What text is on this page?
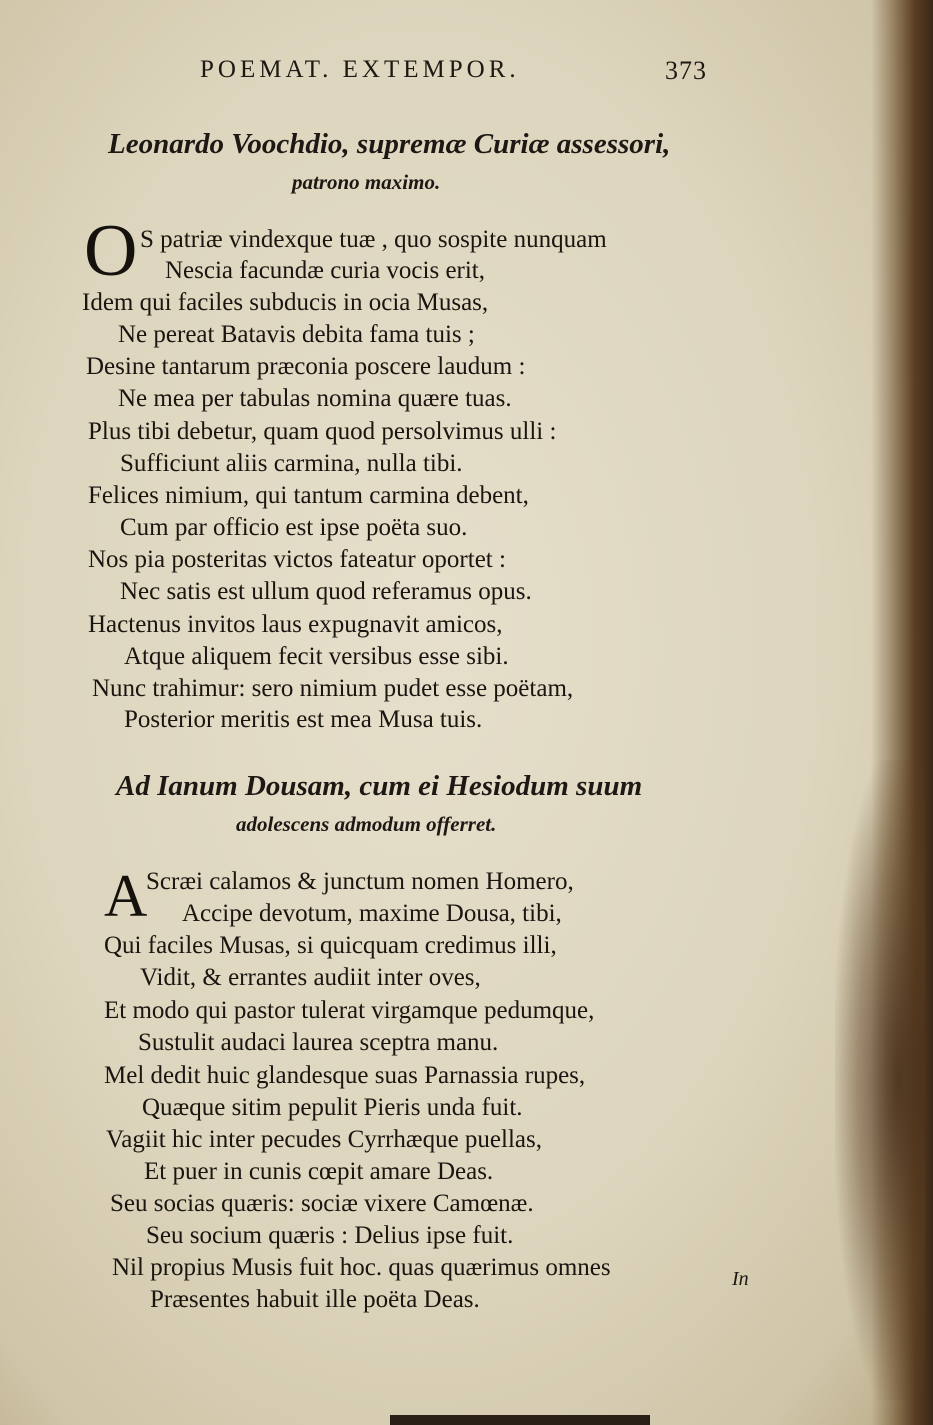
POEMAT. EXTEMPOR.	373
Leonardo Voochdio, supremæ Curiæ assessori,
patrono maximo.
O S patriæ vindexque tuæ , quo sospite nunquam
Nescia facundæ curia vocis erit,
Idem qui faciles subducis in ocia Musas,
Ne pereat Batavis debita fama tuis ;
Desine tantarum præconia poscere laudum :
Ne mea per tabulas nomina quære tuas.
Plus tibi debetur, quam quod persolvimus ulli :
Sufficiunt aliis carmina, nulla tibi.
Felices nimium, qui tantum carmina debent,
Cum par officio est ipse poëta suo.
Nos pia posteritas victos fateatur oportet :
Nec satis est ullum quod referamus opus.
Hactenus invitos laus expugnavit amicos,
Atque aliquem fecit versibus esse sibi.
Nunc trahimur: sero nimium pudet esse poëtam,
Posterior meritis est mea Musa tuis.
Ad Ianum Dousam, cum ei Hesiodum suum
adolescens admodum offerret.
A
Scræi calamos & junctum nomen Homero,
Accipe devotum, maxime Dousa, tibi,
Qui faciles Musas, si quicquam credimus illi,
Vidit, & errantes audiit inter oves,
Et modo qui pastor tulerat virgamque pedumque,
Sustulit audaci laurea sceptra manu.
Mel dedit huic glandesque suas Parnassia rupes,
Quæque sitim pepulit Pieris unda fuit.
Vagiit hic inter pecudes Cyrrhæque puellas,
Et puer in cunis cœpit amare Deas.
Seu socias quæris: sociæ vixere Camœnæ.
Seu socium quæris : Delius ipse fuit.
Nil propius Musis fuit hoc. quas quærimus omnes
Præsentes habuit ille poëta Deas.
In
